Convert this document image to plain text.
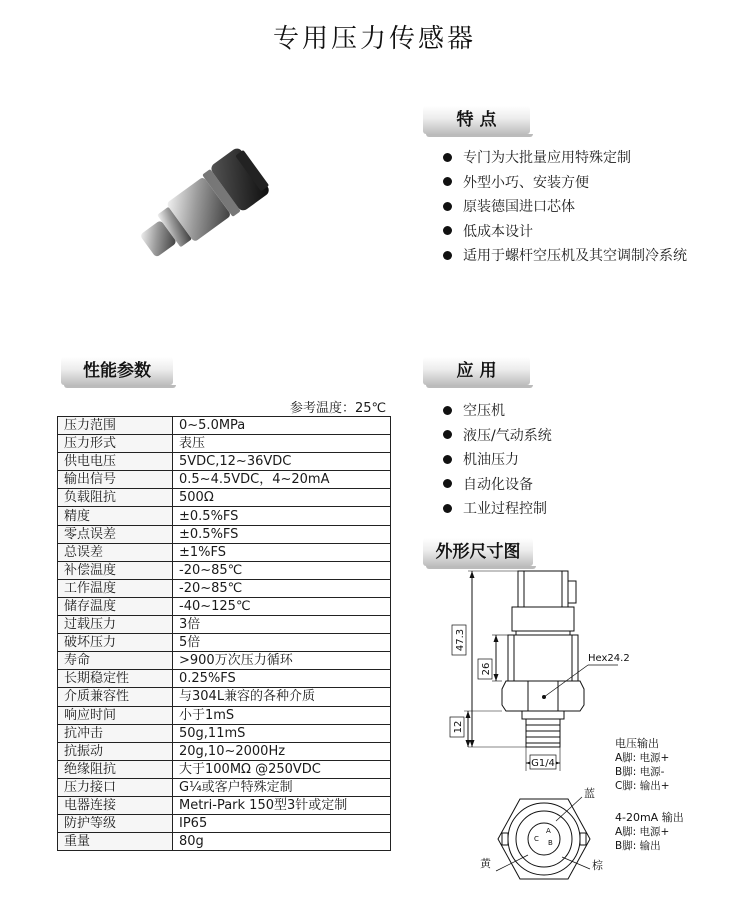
专用压力传感器
特 点
专门为大批量应用特殊定制
外型小巧、安装方便
原装德国进口芯体
低成本设计
适用于螺杆空压机及其空调制冷系统
性能参数
参考温度：25℃
压力范围	0~5.0MPa
压力形式	表压
供电电压	5VDC,12~36VDC
输出信号	0.5~4.5VDC，4~20mA
负载阻抗	500Ω
精度	±0.5%FS
零点误差	±0.5%FS
总误差	±1%FS
补偿温度	-20~85℃
工作温度	-20~85℃
储存温度	-40~125℃
过载压力	3倍
破坏压力	5倍
寿命	>900万次压力循环
长期稳定性	0.25%FS
介质兼容性	与304L兼容的各种介质
响应时间	小于1mS
抗冲击	50g,11mS
抗振动	20g,10~2000Hz
绝缘阻抗	大于100MΩ @250VDC
压力接口	G¼或客户特殊定制
电器连接	Metri-Park 150型3针或定制
防护等级	IP65
重量	80g
应 用
空压机
液压/气动系统
机油压力
自动化设备
工业过程控制
外形尺寸图
47.3
26
12
Hex24.2
G1/4
A
B
C
蓝
黄	棕
电压输出
A脚: 电源+
B脚: 电源-
C脚: 输出+
4-20mA 输出
A脚: 电源+
B脚: 输出
